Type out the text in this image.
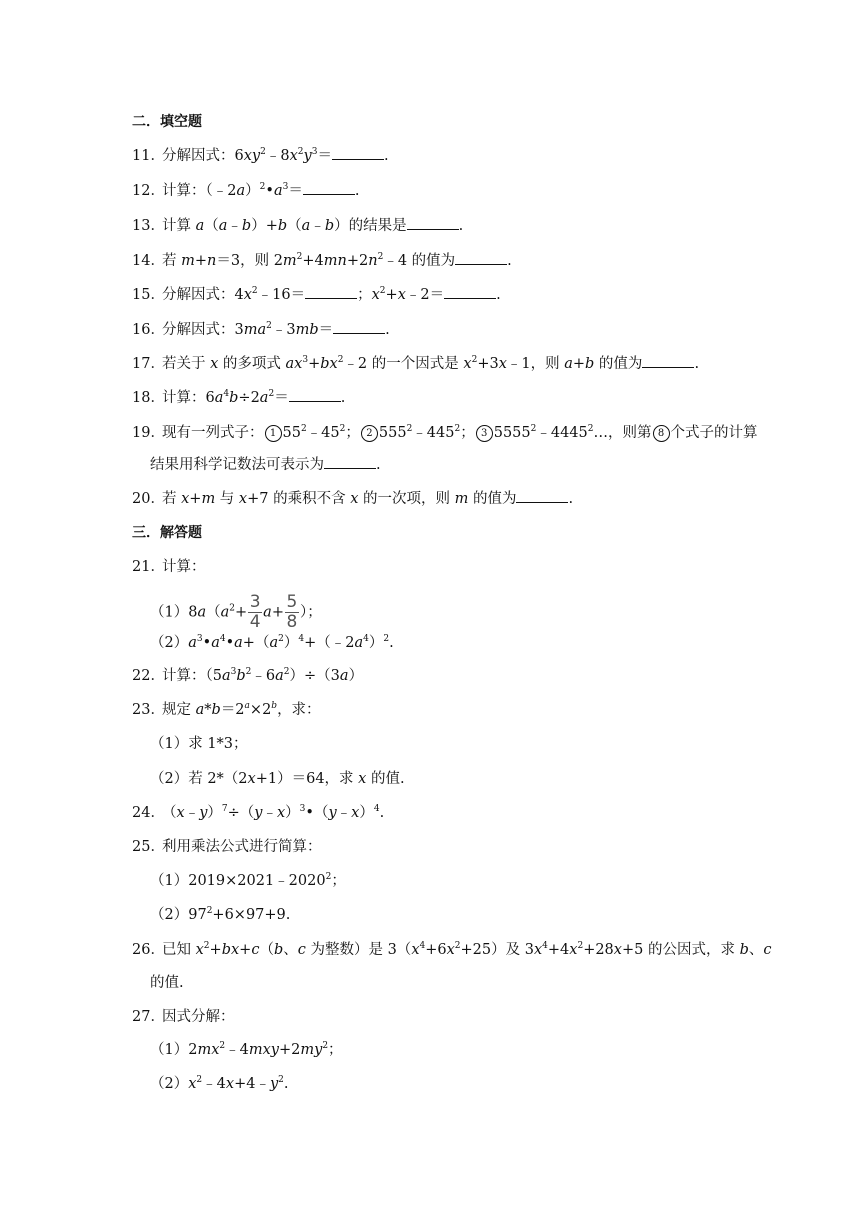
二．填空题
11．分解因式：$6xy^2﹣8x^2y^3=$	.
12．计算：$(﹣2a)^2•a^3=$	.
13．计算 a（a﹣b）+b（a﹣b）的结果是	.
14．若 m+n＝3，则 $2m^2+4mn+2n^2﹣4$ 的值为	.
15．分解因式：$4x^2﹣16=$	；$x^2+x﹣2=$	.
16．分解因式：$3ma^2﹣3mb=$	.
17．若关于 x 的多项式 $ax^3+bx^2﹣2$ 的一个因式是 $x^2+3x﹣1$，则 a+b 的值为	.
18．计算：$6a^4b\div 2a^2=$	.
19．现有一列式子： 1 $55^2﹣45^2$； 2 $555^2﹣445^2$； 3 5555$^2$﹣4445$^2$…，则第 8 个式子的计算
结果用科学记数法可表示为	.
20．若 x+m 与 x+7 的乘积不含 x 的一次项，则 m 的值为	.
三．解答题
21．计算：
$(1)8a(a^2+ \frac{3}{4} a+ \frac{5}{8}$ ）；
$(2)a^3•a^4•a+(a^2)^4+(﹣2a^4)^2$.
22．计算：$(5a^3b^2﹣6a^2)\div(3a)$
23．规定 $a*b=2^a\times 2^b$，求：
（1）求 1*3；
（2）若 2*（2x+1）＝64，求 x 的值.
24．（x﹣y）$^7$÷（y﹣x）$^3$•（y﹣x）$^4$.
25．利用乘法公式进行简算：
$(1)2019\times 2021﹣2020^2$；
$(2)97^2+6\times 97+9$.
26．已知 $x^2+bx+c(b$、c 为整数）是 $3(x^4+6x^2+25)$及 $3x^4+4x^2+28x+5$ 的公因式，求 b、c
的值.
27．因式分解：
$(1)2mx^2﹣4mxy+2my^2$；
$(2)x^2﹣4x+4﹣y^2$.
